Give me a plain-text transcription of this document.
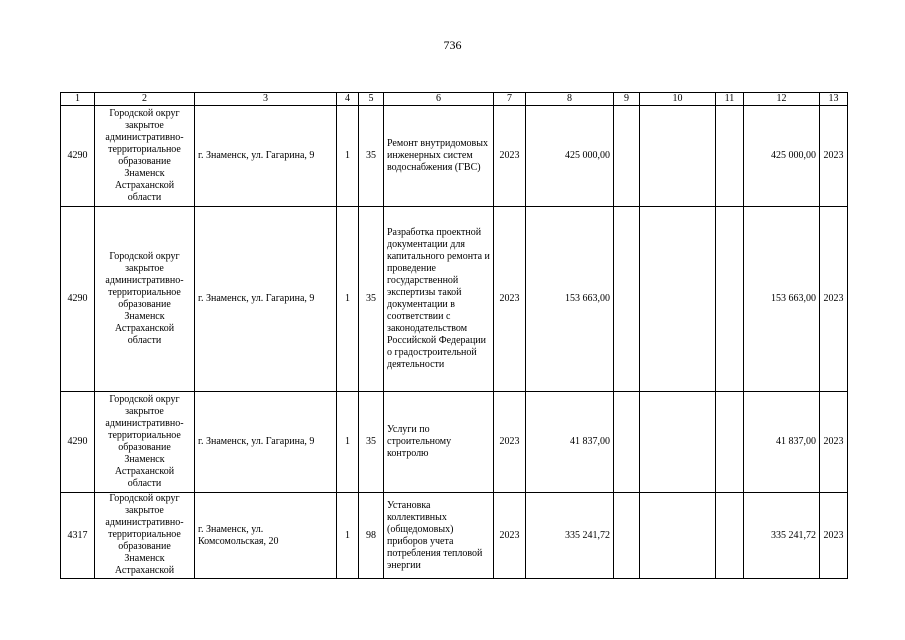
736
1	2	3	4	5	6	7	8	9	10	11	12	13
4290	Городской округ закрытое административно-территориальное образование Знаменск Астраханской области	г. Знаменск, ул. Гагарина, 9	1	35	Ремонт внутридомовых инженерных систем водоснабжения (ГВС)	2023	425 000,00				425 000,00	2023
4290	Городской округ закрытое административно-территориальное образование Знаменск Астраханской области	г. Знаменск, ул. Гагарина, 9	1	35	Разработка проектной документации для капитального ремонта и проведение государственной экспертизы такой документации в соответствии с законодательством Российской Федерации о градостроительной деятельности	2023	153 663,00				153 663,00	2023
4290	Городской округ закрытое административно-территориальное образование Знаменск Астраханской области	г. Знаменск, ул. Гагарина, 9	1	35	Услуги по строительному контролю	2023	41 837,00				41 837,00	2023
4317	Городской округ закрытое административно-территориальное образование Знаменск Астраханской	г. Знаменск, ул. Комсомольская, 20	1	98	Установка коллективных (общедомовых) приборов учета потребления тепловой энергии	2023	335 241,72				335 241,72	2023
